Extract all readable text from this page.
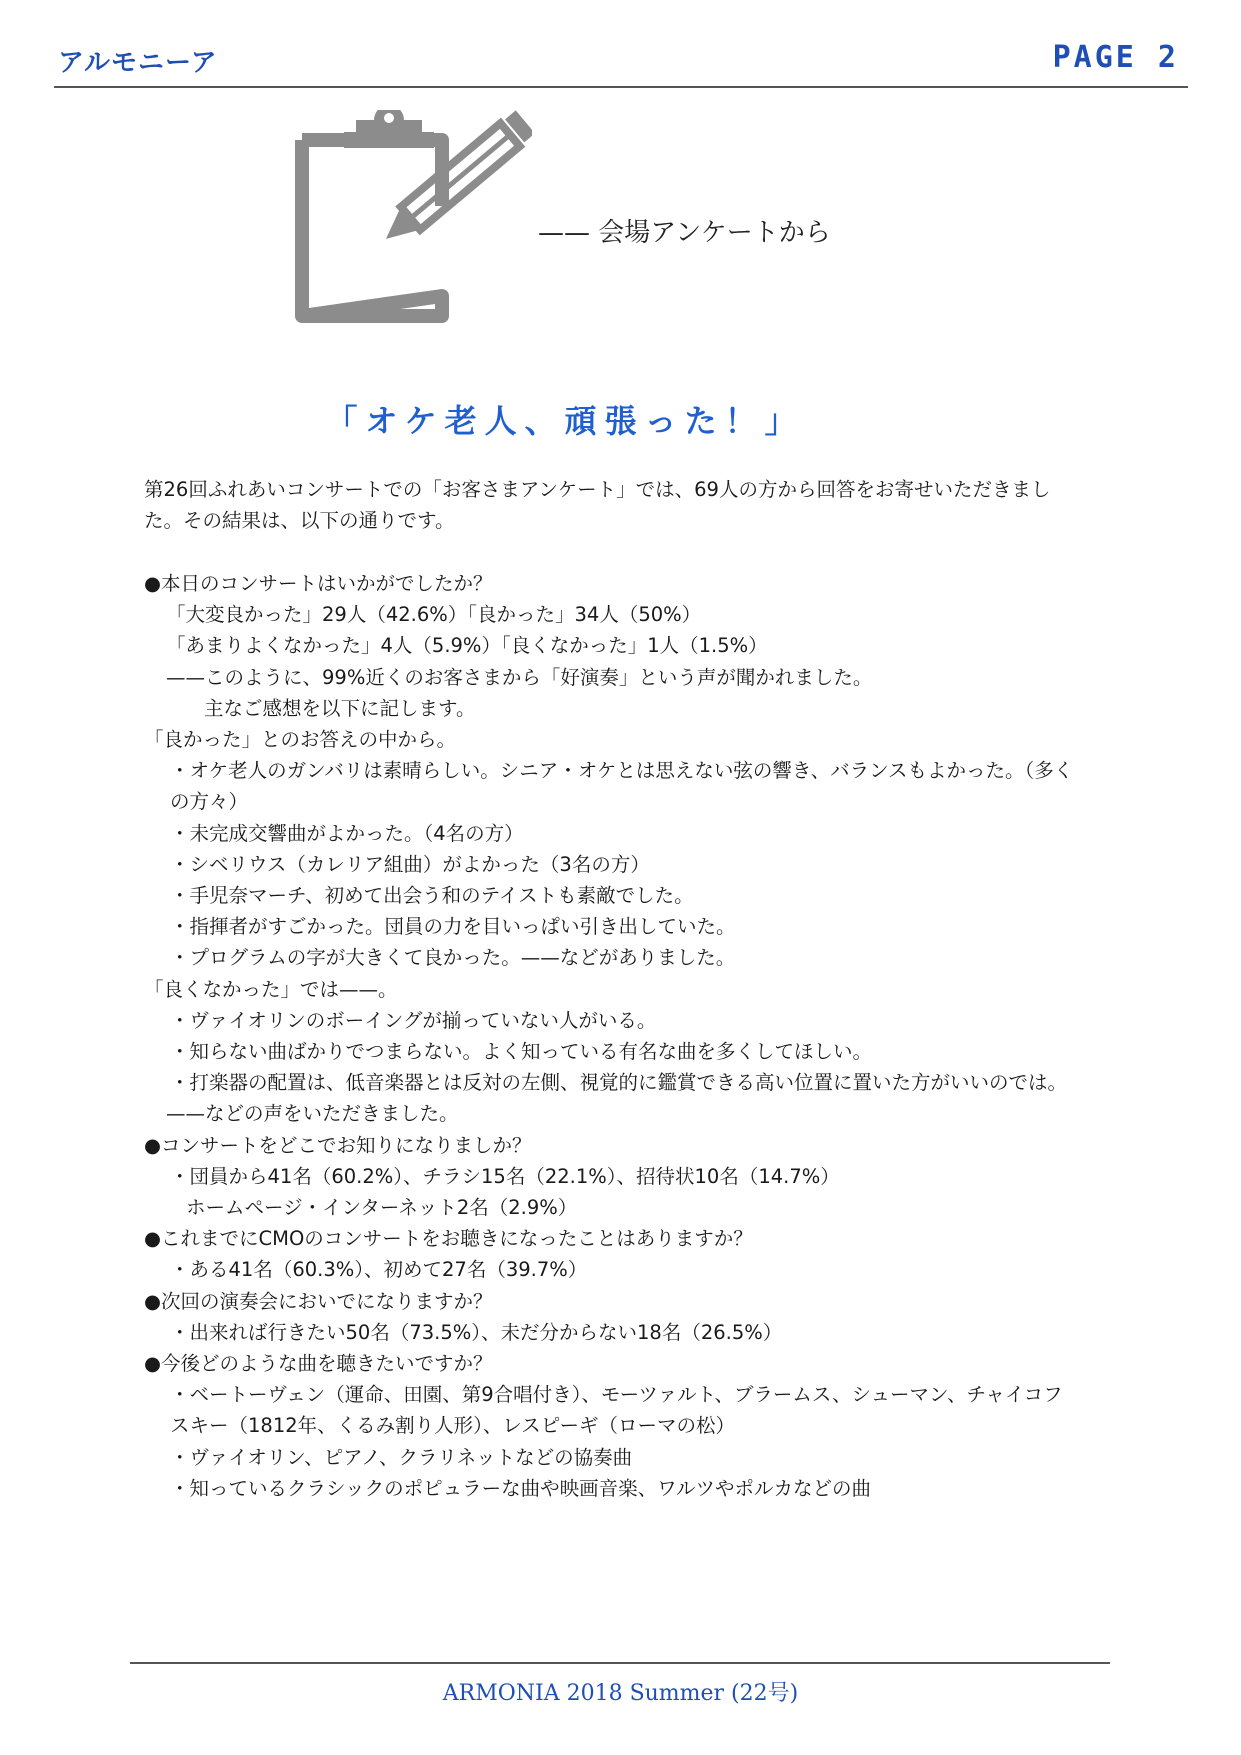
アルモニーア	PAGE 2
—— 会場アンケートから
「オケ老人、頑張った！」
第26回ふれあいコンサートでの「お客さまアンケート」では、69人の方から回答をお寄せいただきました。その結果は、以下の通りです。

●本日のコンサートはいかがでしたか？

「大変良かった」29人（42.6%）「良かった」34人（50%）

「あまりよくなかった」4人（5.9%）「良くなかった」1人（1.5%）

——このように、99%近くのお客さまから「好演奏」という声が聞かれました。

主なご感想を以下に記します。

「良かった」とのお答えの中から。

・オケ老人のガンバリは素晴らしい。シニア・オケとは思えない弦の響き、バランスもよかった。（多くの方々）

・未完成交響曲がよかった。（4名の方）

・シベリウス（カレリア組曲）がよかった（3名の方）

・手児奈マーチ、初めて出会う和のテイストも素敵でした。

・指揮者がすごかった。団員の力を目いっぱい引き出していた。

・プログラムの字が大きくて良かった。——などがありました。

「良くなかった」では——。

・ヴァイオリンのボーイングが揃っていない人がいる。

・知らない曲ばかりでつまらない。よく知っている有名な曲を多くしてほしい。

・打楽器の配置は、低音楽器とは反対の左側、視覚的に鑑賞できる高い位置に置いた方がいいのでは。

——などの声をいただきました。

●コンサートをどこでお知りになりましか？

・団員から41名（60.2%）、チラシ15名（22.1%）、招待状10名（14.7%）

ホームページ・インターネット2名（2.9%）

●これまでにCMOのコンサートをお聴きになったことはありますか？

・ある41名（60.3%）、初めて27名（39.7%）

●次回の演奏会においでになりますか？

・出来れば行きたい50名（73.5%）、未だ分からない18名（26.5%）

●今後どのような曲を聴きたいですか？

・ベートーヴェン（運命、田園、第9合唱付き）、モーツァルト、ブラームス、シューマン、チャイコフスキー（1812年、くるみ割り人形）、レスピーギ（ローマの松）

・ヴァイオリン、ピアノ、クラリネットなどの協奏曲

・知っているクラシックのポピュラーな曲や映画音楽、ワルツやポルカなどの曲

ARMONIA 2018 Summer (22号)
